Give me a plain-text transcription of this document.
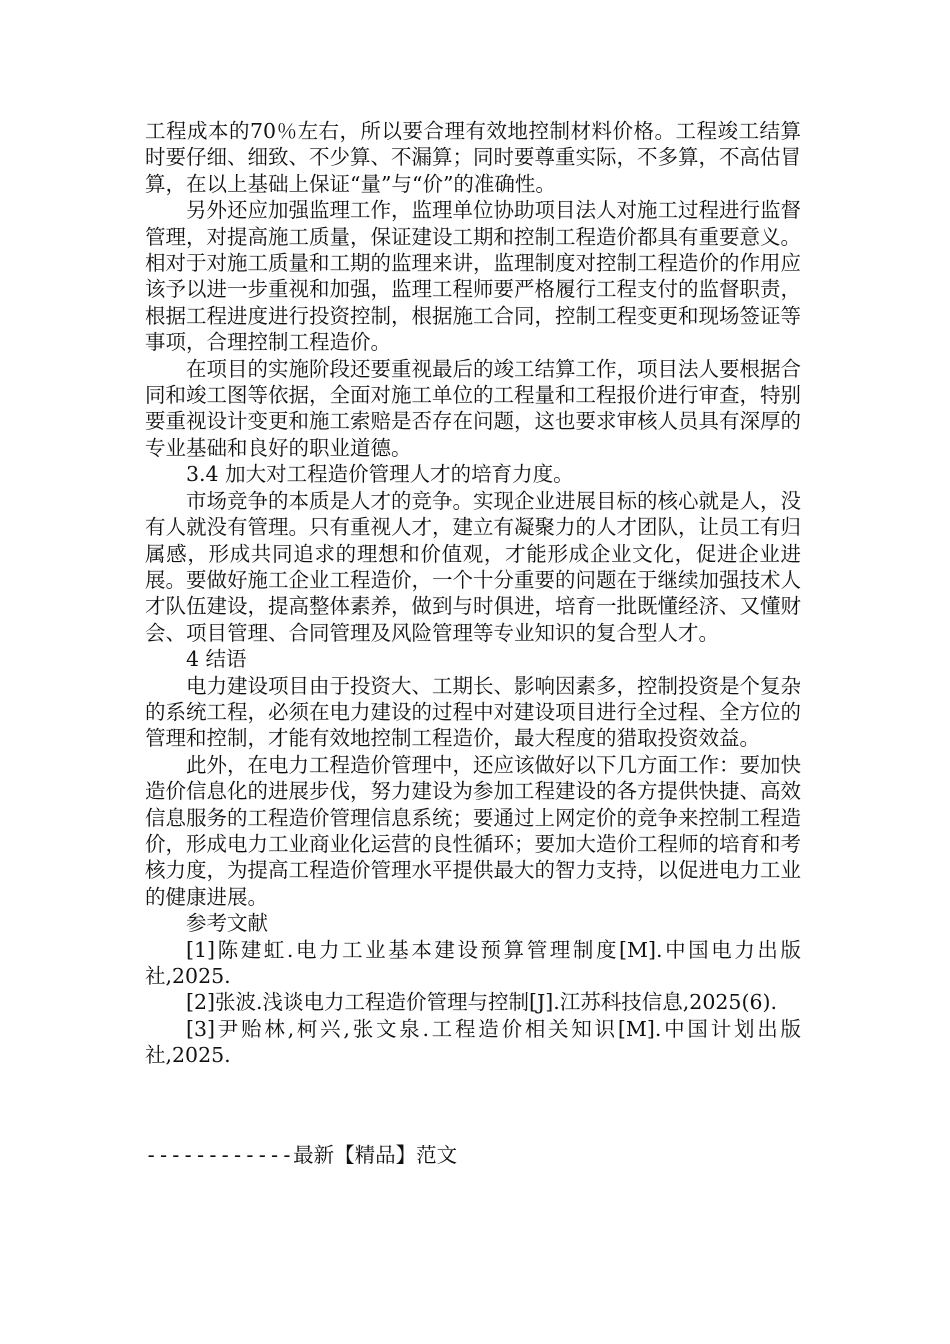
工程成本的70％左右，所以要合理有效地控制材料价格。工程竣工结算时要仔细、细致、不少算、不漏算；同时要尊重实际，不多算，不高估冒算，在以上基础上保证“量”与“价”的准确性。

另外还应加强监理工作，监理单位协助项目法人对施工过程进行监督管理，对提高施工质量，保证建设工期和控制工程造价都具有重要意义。相对于对施工质量和工期的监理来讲，监理制度对控制工程造价的作用应该予以进一步重视和加强，监理工程师要严格履行工程支付的监督职责，根据工程进度进行投资控制，根据施工合同，控制工程变更和现场签证等事项，合理控制工程造价。

在项目的实施阶段还要重视最后的竣工结算工作，项目法人要根据合同和竣工图等依据，全面对施工单位的工程量和工程报价进行审查，特别要重视设计变更和施工索赔是否存在问题，这也要求审核人员具有深厚的专业基础和良好的职业道德。

3.4 加大对工程造价管理人才的培育力度。

市场竞争的本质是人才的竞争。实现企业进展目标的核心就是人，没有人就没有管理。只有重视人才，建立有凝聚力的人才团队，让员工有归属感，形成共同追求的理想和价值观，才能形成企业文化，促进企业进展。要做好施工企业工程造价，一个十分重要的问题在于继续加强技术人才队伍建设，提高整体素养，做到与时俱进，培育一批既懂经济、又懂财会、项目管理、合同管理及风险管理等专业知识的复合型人才。

4 结语

电力建设项目由于投资大、工期长、影响因素多，控制投资是个复杂的系统工程，必须在电力建设的过程中对建设项目进行全过程、全方位的管理和控制，才能有效地控制工程造价，最大程度的猎取投资效益。

此外，在电力工程造价管理中，还应该做好以下几方面工作：要加快造价信息化的进展步伐，努力建设为参加工程建设的各方提供快捷、高效信息服务的工程造价管理信息系统；要通过上网定价的竞争来控制工程造价，形成电力工业商业化运营的良性循环；要加大造价工程师的培育和考核力度，为提高工程造价管理水平提供最大的智力支持，以促进电力工业的健康进展。

参考文献

[1]陈建虹.电力工业基本建设预算管理制度[M].中国电力出版社,2025.

[2]张波.浅谈电力工程造价管理与控制[J].江苏科技信息,2025(6).

[3]尹贻林,柯兴,张文泉.工程造价相关知识[M].中国计划出版社,2025.

------------最新【精品】范文
